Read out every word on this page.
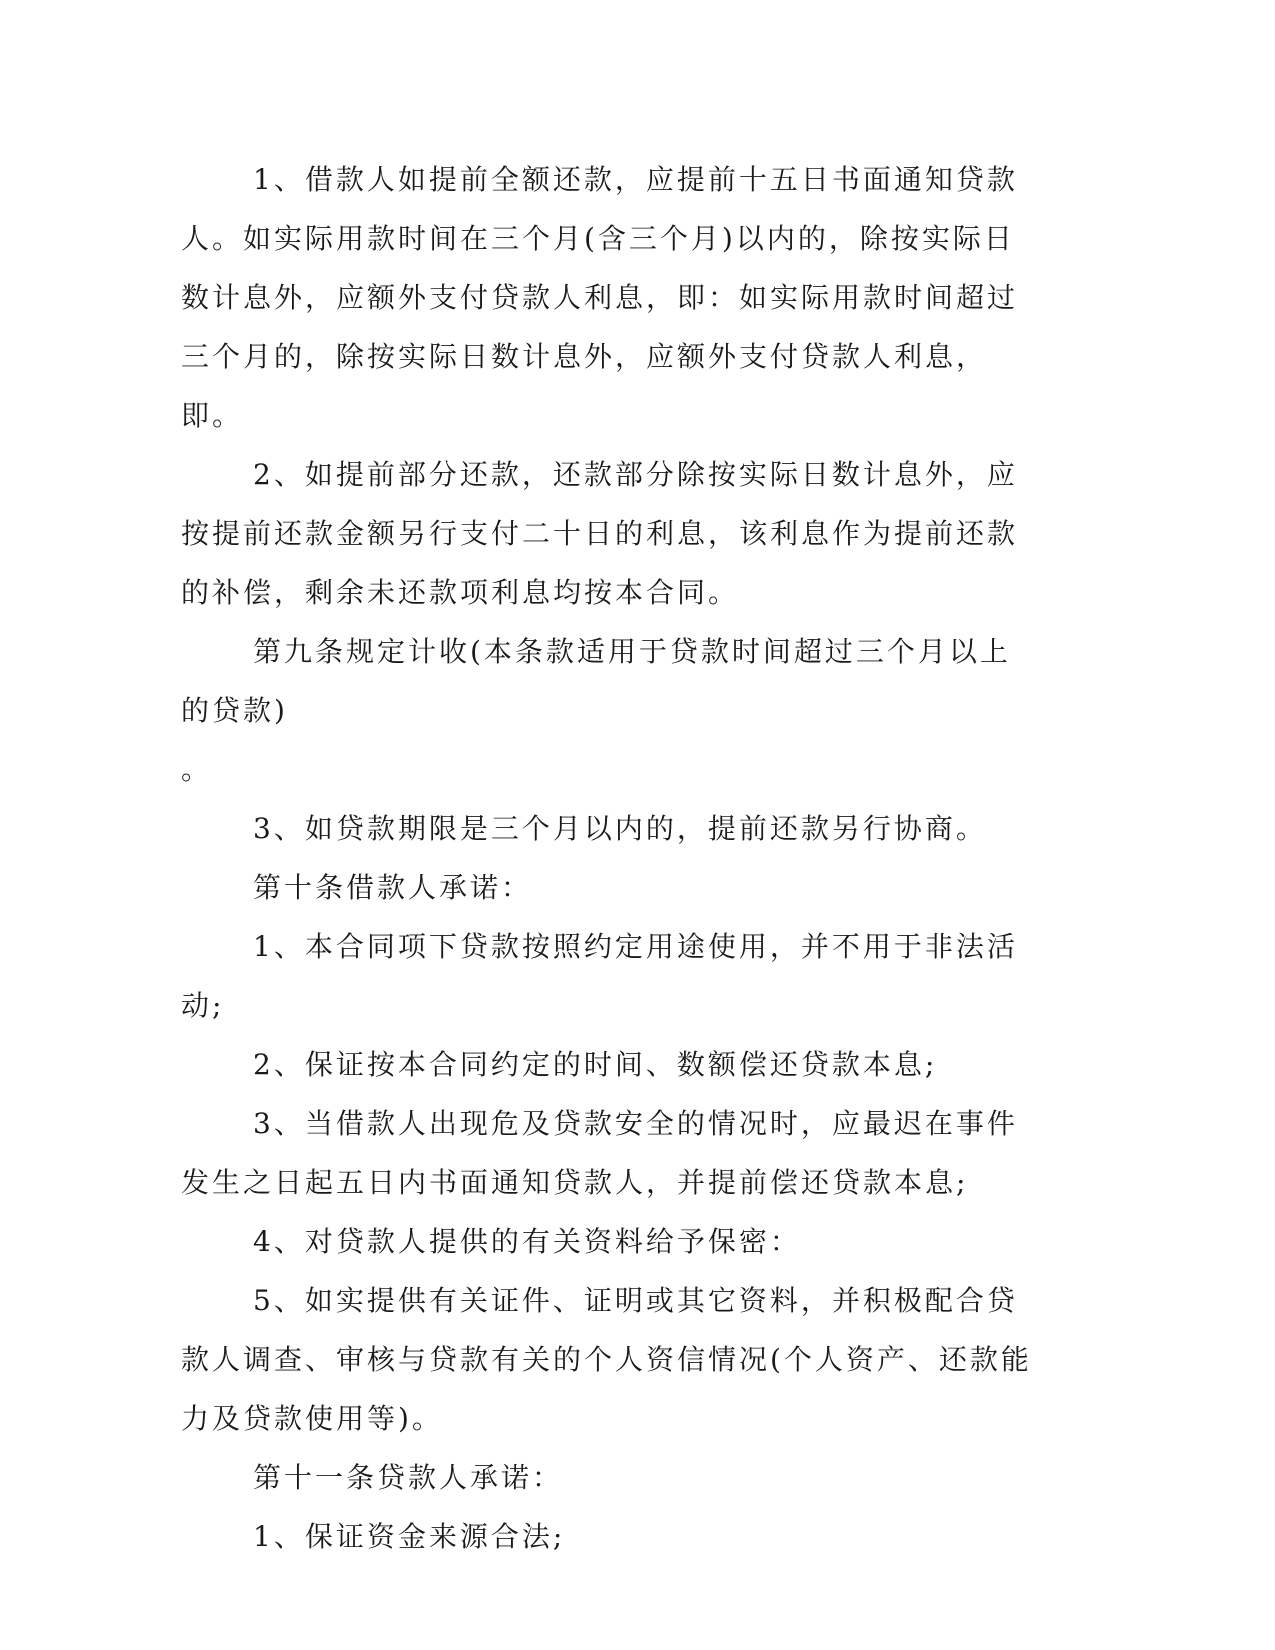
1、借款人如提前全额还款，应提前十五日书面通知贷款人。如实际用款时间在三个月(含三个月)以内的，除按实际日数计息外，应额外支付贷款人利息，即：如实际用款时间超过三个月的，除按实际日数计息外，应额外支付贷款人利息，即。

2、如提前部分还款，还款部分除按实际日数计息外，应按提前还款金额另行支付二十日的利息，该利息作为提前还款的补偿，剩余未还款项利息均按本合同。

第九条规定计收(本条款适用于贷款时间超过三个月以上的贷款)

。

3、如贷款期限是三个月以内的，提前还款另行协商。

第十条借款人承诺：

1、本合同项下贷款按照约定用途使用，并不用于非法活动;

2、保证按本合同约定的时间、数额偿还贷款本息;

3、当借款人出现危及贷款安全的情况时，应最迟在事件发生之日起五日内书面通知贷款人，并提前偿还贷款本息;

4、对贷款人提供的有关资料给予保密：

5、如实提供有关证件、证明或其它资料，并积极配合贷款人调查、审核与贷款有关的个人资信情况(个人资产、还款能力及贷款使用等)。

第十一条贷款人承诺：

1、保证资金来源合法;
